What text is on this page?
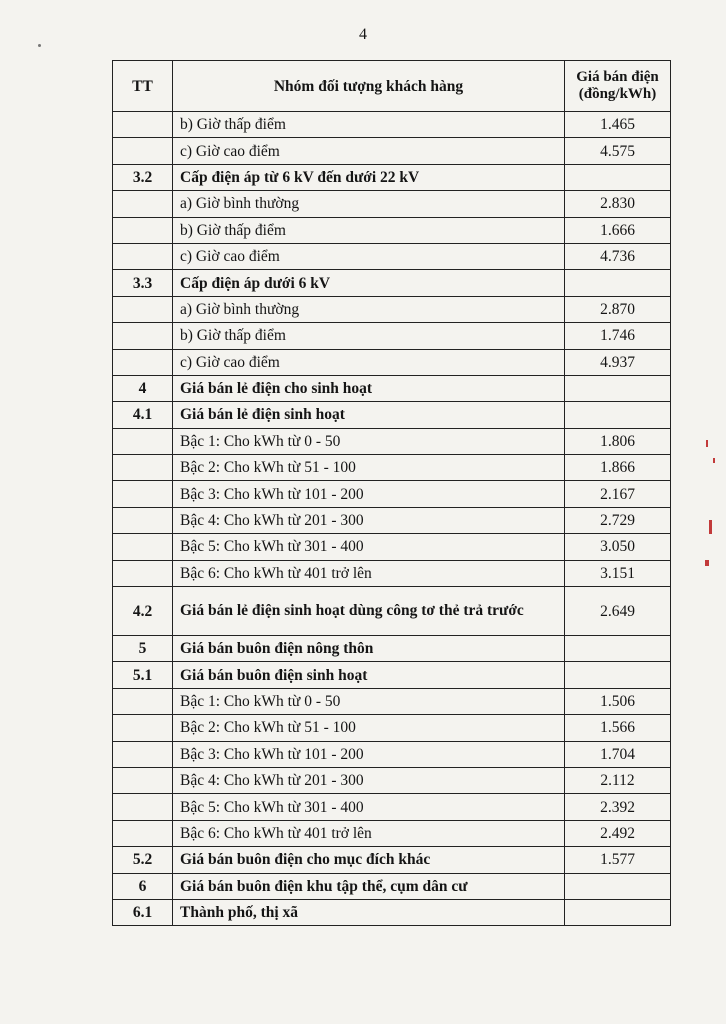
4
TT	Nhóm đối tượng khách hàng	Giá bán điện
(đồng/kWh)
	b) Giờ thấp điểm	1.465
	c) Giờ cao điểm	4.575
3.2	Cấp điện áp từ 6 kV đến dưới 22 kV	
	a) Giờ bình thường	2.830
	b) Giờ thấp điểm	1.666
	c) Giờ cao điểm	4.736
3.3	Cấp điện áp dưới 6 kV	
	a) Giờ bình thường	2.870
	b) Giờ thấp điểm	1.746
	c) Giờ cao điểm	4.937
4	Giá bán lẻ điện cho sinh hoạt	
4.1	Giá bán lẻ điện sinh hoạt	
	Bậc 1: Cho kWh từ 0 - 50	1.806
	Bậc 2: Cho kWh từ 51 - 100	1.866
	Bậc 3: Cho kWh từ 101 - 200	2.167
	Bậc 4: Cho kWh từ 201 - 300	2.729
	Bậc 5: Cho kWh từ 301 - 400	3.050
	Bậc 6: Cho kWh từ 401 trở lên	3.151
4.2	Giá bán lẻ điện sinh hoạt dùng công tơ thẻ trả trước	2.649
5	Giá bán buôn điện nông thôn	
5.1	Giá bán buôn điện sinh hoạt	
	Bậc 1: Cho kWh từ 0 - 50	1.506
	Bậc 2: Cho kWh từ 51 - 100	1.566
	Bậc 3: Cho kWh từ 101 - 200	1.704
	Bậc 4: Cho kWh từ 201 - 300	2.112
	Bậc 5: Cho kWh từ 301 - 400	2.392
	Bậc 6: Cho kWh từ 401 trở lên	2.492
5.2	Giá bán buôn điện cho mục đích khác	1.577
6	Giá bán buôn điện khu tập thể, cụm dân cư	
6.1	Thành phố, thị xã	
